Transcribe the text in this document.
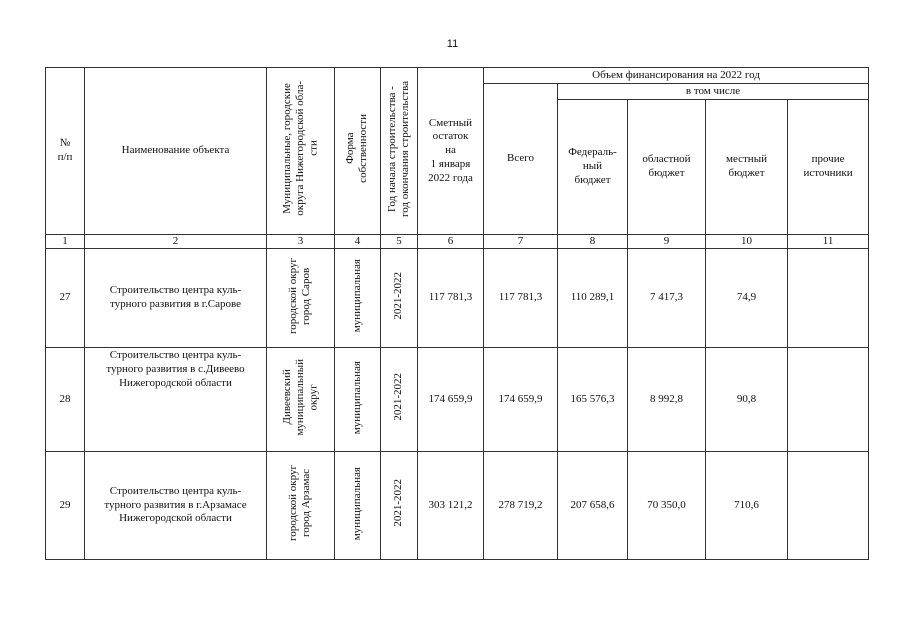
11
№
п/п	Наименование объекта	Муниципальные, городские
округа Нижегородской обла-
сти	Форма
собственности	Год начала строительства -
год окончания строительства	Сметный
остаток
на
1 января
2022 года	Объем финансирования на 2022 год				
						Всего	в том числе			
							Федераль-
ный
бюджет	областной
бюджет	местный
бюджет	прочие
источники
1	2	3	4	5	6	7	8	9	10	11
27	Строительство центра куль-
турного развития в г.Сарове	городской округ
город Саров	муниципальная	2021-2022	117 781,3	117 781,3	110 289,1	7 417,3	74,9	
28	Строительство центра куль-
турного развития в с.Дивеево
Нижегородской области	Дивеевский
муниципальный
округ	муниципальная	2021-2022	174 659,9	174 659,9	165 576,3	8 992,8	90,8	
29	Строительство центра куль-
турного развития в г.Арзамасе
Нижегородской области	городской округ
город Арзамас	муниципальная	2021-2022	303 121,2	278 719,2	207 658,6	70 350,0	710,6	
